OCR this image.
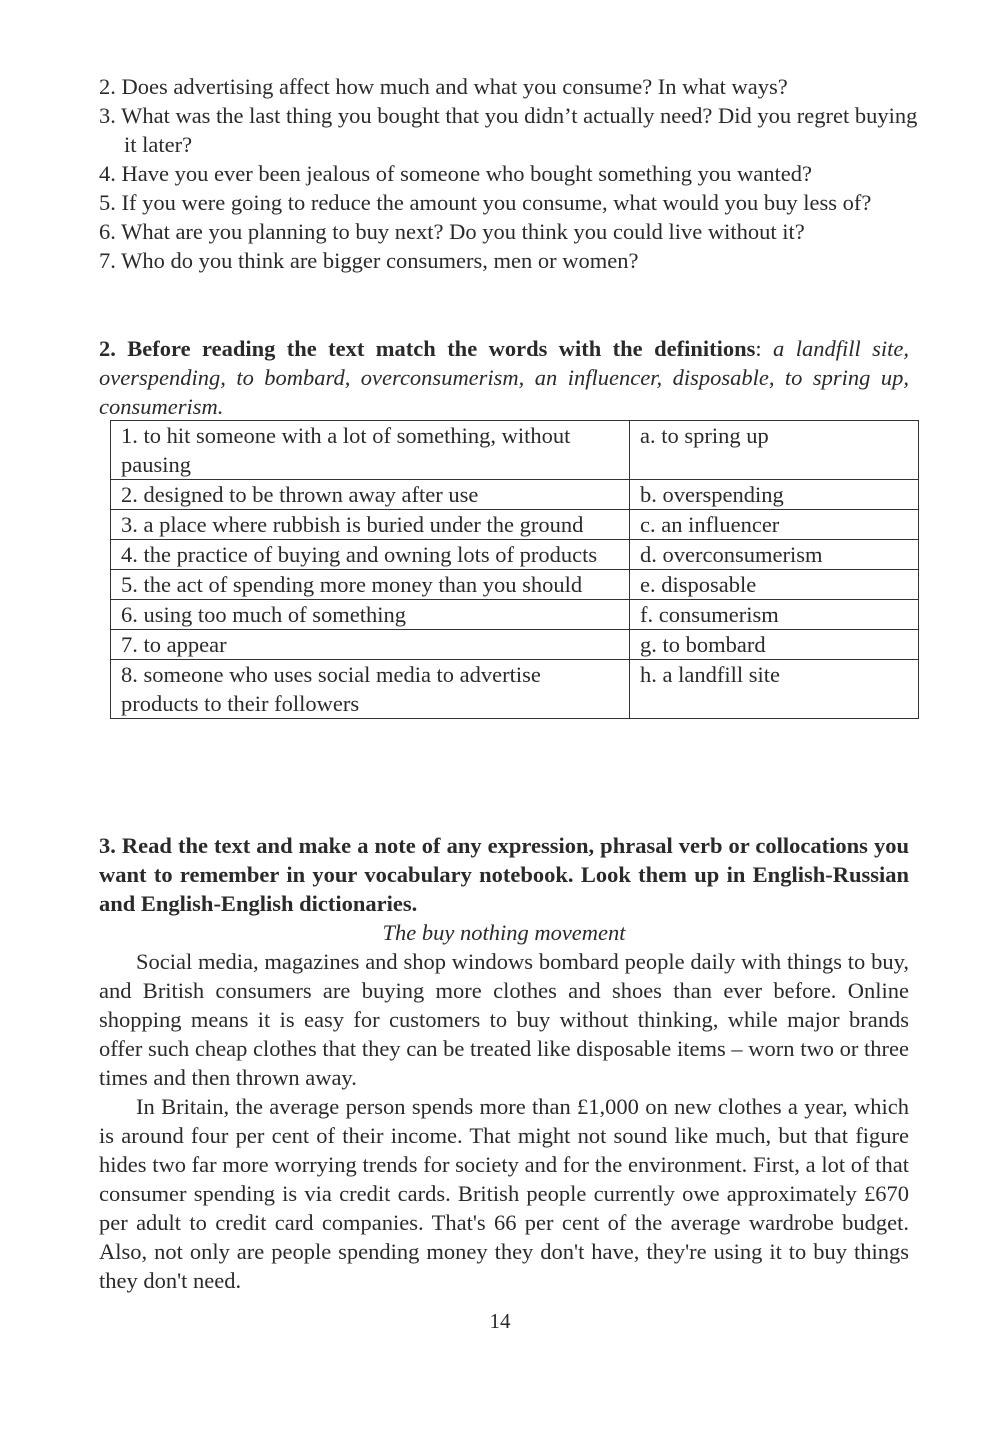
2. Does advertising affect how much and what you consume? In what ways?
3. What was the last thing you bought that you didn’t actually need? Did you regret buying it later?
4. Have you ever been jealous of someone who bought something you wanted?
5. If you were going to reduce the amount you consume, what would you buy less of?
6. What are you planning to buy next? Do you think you could live without it?
7. Who do you think are bigger consumers, men or women?
2. Before reading the text match the words with the definitions: a landfill site, overspending, to bombard, overconsumerism, an influencer, disposable, to spring up, consumerism.
1. to hit someone with a lot of something, without pausing	a. to spring up
2. designed to be thrown away after use	b. overspending
3. a place where rubbish is buried under the ground	c. an influencer
4. the practice of buying and owning lots of products	d. overconsumerism
5. the act of spending more money than you should	e. disposable
6. using too much of something	f. consumerism
7. to appear	g. to bombard
8. someone who uses social media to advertise products to their followers	h. a landfill site
3. Read the text and make a note of any expression, phrasal verb or collocations you want to remember in your vocabulary notebook. Look them up in English-Russian and English-English dictionaries.
The buy nothing movement

Social media, magazines and shop windows bombard people daily with things to buy, and British consumers are buying more clothes and shoes than ever before. Online shopping means it is easy for customers to buy without thinking, while major brands offer such cheap clothes that they can be treated like disposable items – worn two or three times and then thrown away.

In Britain, the average person spends more than £1,000 on new clothes a year, which is around four per cent of their income. That might not sound like much, but that figure hides two far more worrying trends for society and for the environment. First, a lot of that consumer spending is via credit cards. British people currently owe approximately £670 per adult to credit card companies. That's 66 per cent of the average wardrobe budget. Also, not only are people spending money they don't have, they're using it to buy things they don't need.

14
